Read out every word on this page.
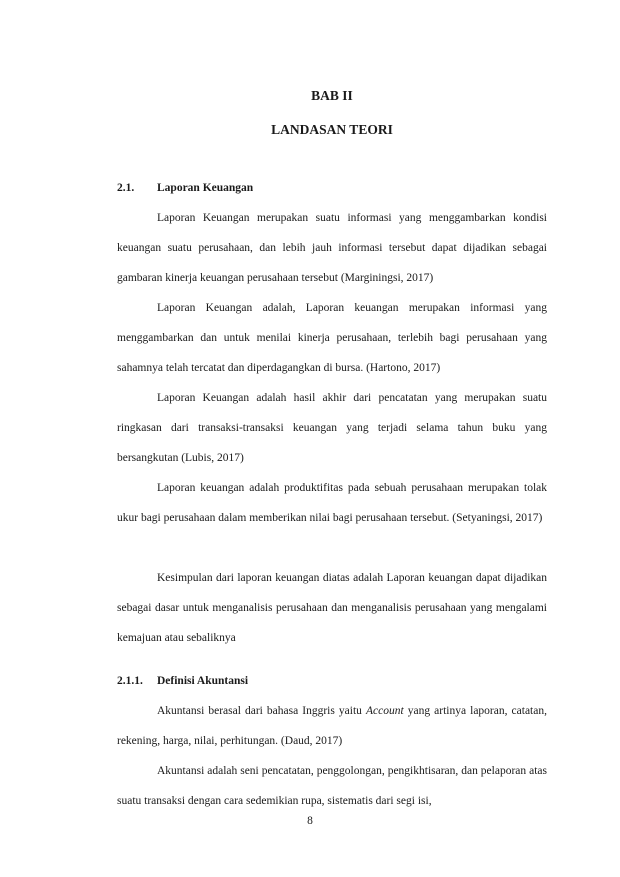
BAB II
LANDASAN TEORI
2.1. Laporan Keuangan

Laporan Keuangan merupakan suatu informasi yang menggambarkan kondisi keuangan suatu perusahaan, dan lebih jauh informasi tersebut dapat dijadikan sebagai gambaran kinerja keuangan perusahaan tersebut (Marginingsi, 2017)

Laporan Keuangan adalah, Laporan keuangan merupakan informasi yang menggambarkan dan untuk menilai kinerja perusahaan, terlebih bagi perusahaan yang sahamnya telah tercatat dan diperdagangkan di bursa. (Hartono, 2017)

Laporan Keuangan adalah hasil akhir dari pencatatan yang merupakan suatu ringkasan dari transaksi-transaksi keuangan yang terjadi selama tahun buku yang bersangkutan (Lubis, 2017)

Laporan keuangan adalah produktifitas pada sebuah perusahaan merupakan tolak ukur bagi perusahaan dalam memberikan nilai bagi perusahaan tersebut. (Setyaningsi, 2017)

Kesimpulan dari laporan keuangan diatas adalah Laporan keuangan dapat dijadikan sebagai dasar untuk menganalisis perusahaan dan menganalisis perusahaan yang mengalami kemajuan atau sebaliknya

2.1.1. Definisi Akuntansi

Akuntansi berasal dari bahasa Inggris yaitu Account yang artinya laporan, catatan, rekening, harga, nilai, perhitungan. (Daud, 2017)

Akuntansi adalah seni pencatatan, penggolongan, pengikhtisaran, dan pelaporan atas suatu transaksi dengan cara sedemikian rupa, sistematis dari segi isi,

8
